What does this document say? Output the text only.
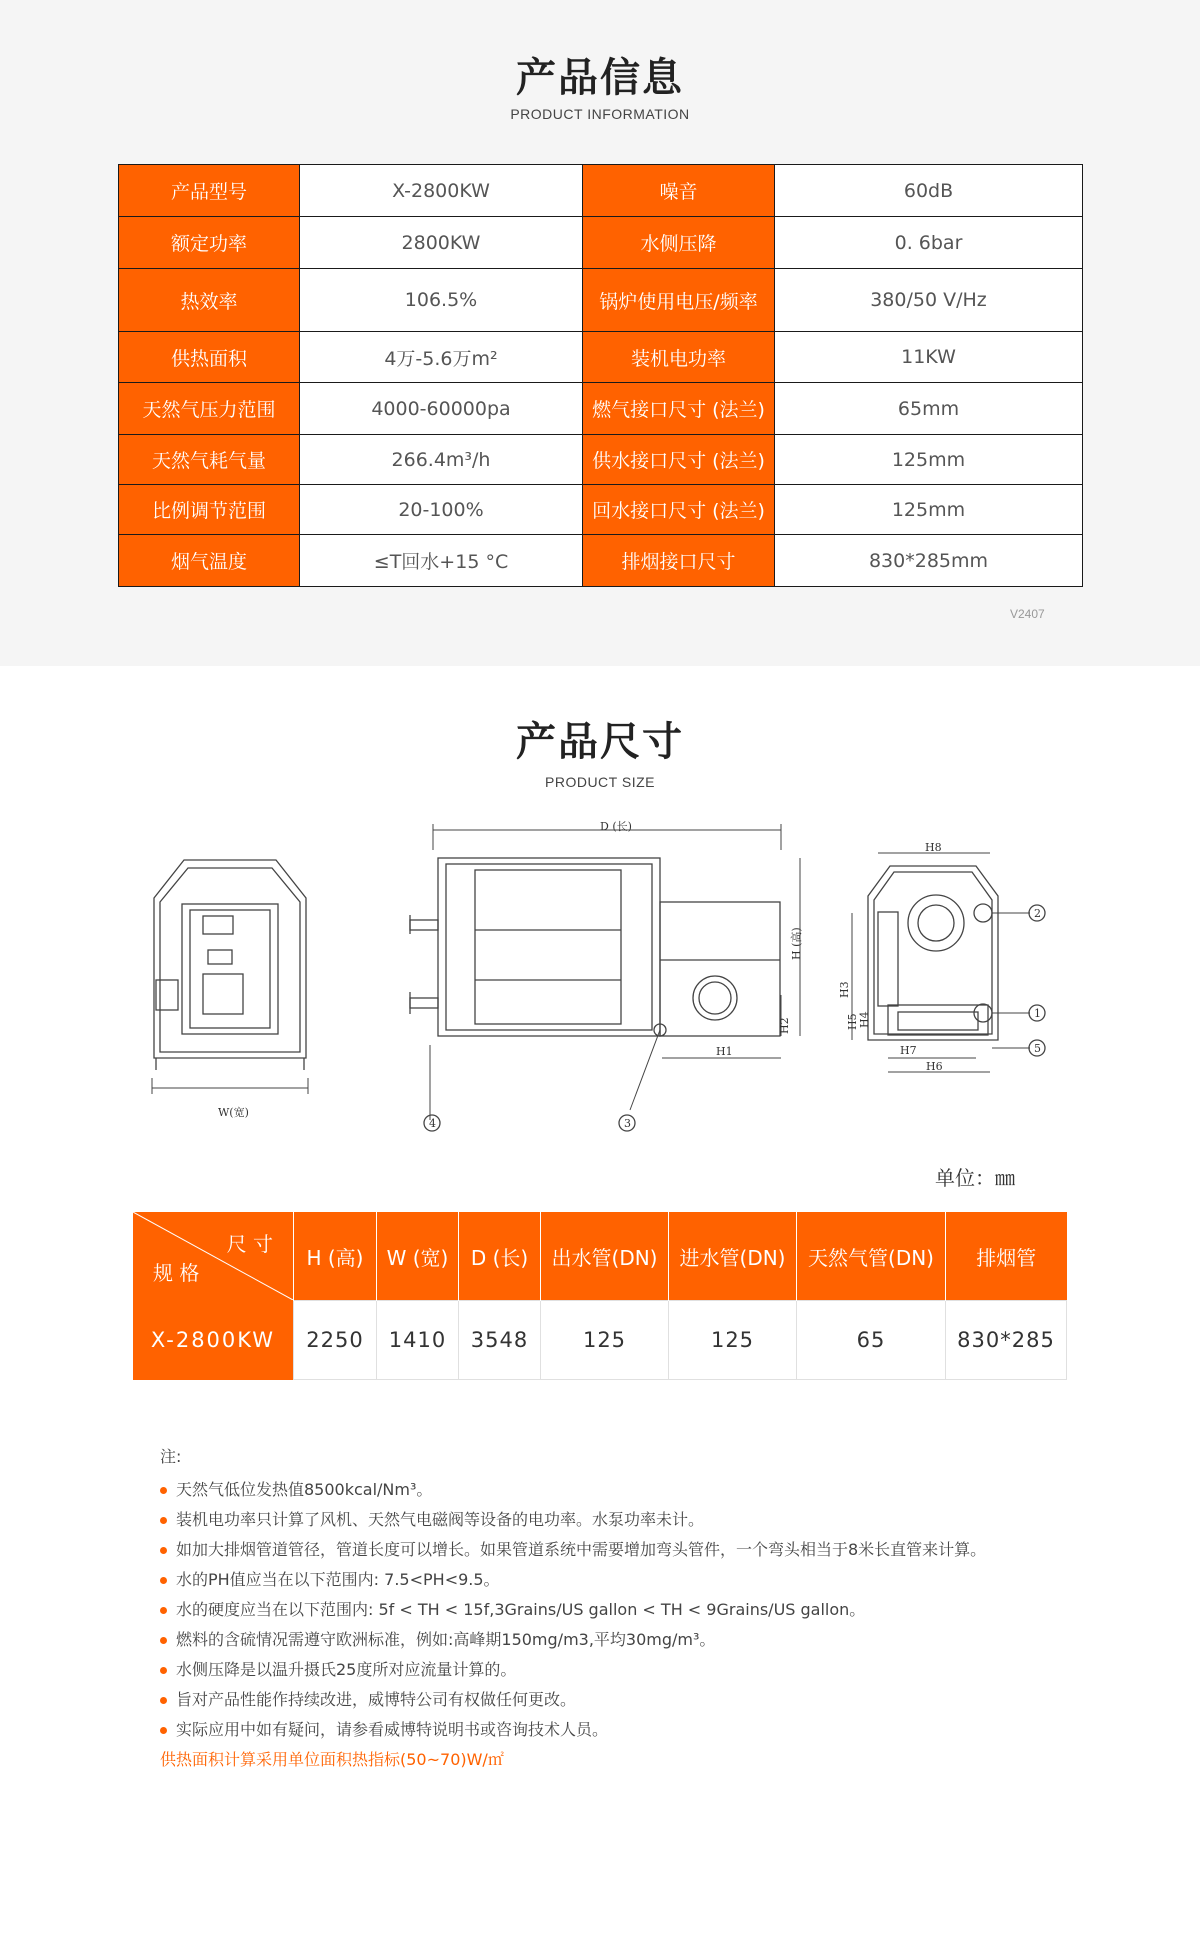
产品信息
PRODUCT INFORMATION
产品型号	X-2800KW	噪音	60dB
额定功率	2800KW	水侧压降	0. 6bar
热效率	106.5%	锅炉使用电压/频率	380/50 V/Hz
供热面积	4万-5.6万m²	装机电功率	11KW
天然气压力范围	4000-60000pa	燃气接口尺寸 (法兰)	65mm
天然气耗气量	266.4m³/h	供水接口尺寸 (法兰)	125mm
比例调节范围	20-100%	回水接口尺寸 (法兰)	125mm
烟气温度	≤T回水+15 °C	排烟接口尺寸	830*285mm
V2407
产品尺寸
PRODUCT SIZE
W(宽)
D (长)
H (高)
H1
H2
H3
H4
H5
H6
H7
H8
1
2
3
4
5
单位：㎜
尺 寸
规 格	H (高)	W (宽)	D (长)	出水管(DN)	进水管(DN)	天然气管(DN)	排烟管
X-2800KW	2250	1410	3548	125	125	65	830*285
注:
天然气低位发热值8500kcal/Nm³。
装机电功率只计算了风机、天然气电磁阀等设备的电功率。水泵功率未计。
如加大排烟管道管径，管道长度可以增长。如果管道系统中需要增加弯头管件，一个弯头相当于8米长直管来计算。
水的PH值应当在以下范围内: 7.5<PH<9.5。
水的硬度应当在以下范围内: 5f < TH < 15f,3Grains/US gallon < TH < 9Grains/US gallon。
燃料的含硫情况需遵守欧洲标准，例如:高峰期150mg/m3,平均30mg/m³。
水侧压降是以温升摄氏25度所对应流量计算的。
旨对产品性能作持续改进，威博特公司有权做任何更改。
实际应用中如有疑问，请参看威博特说明书或咨询技术人员。
供热面积计算采用单位面积热指标(50~70)W/㎡
